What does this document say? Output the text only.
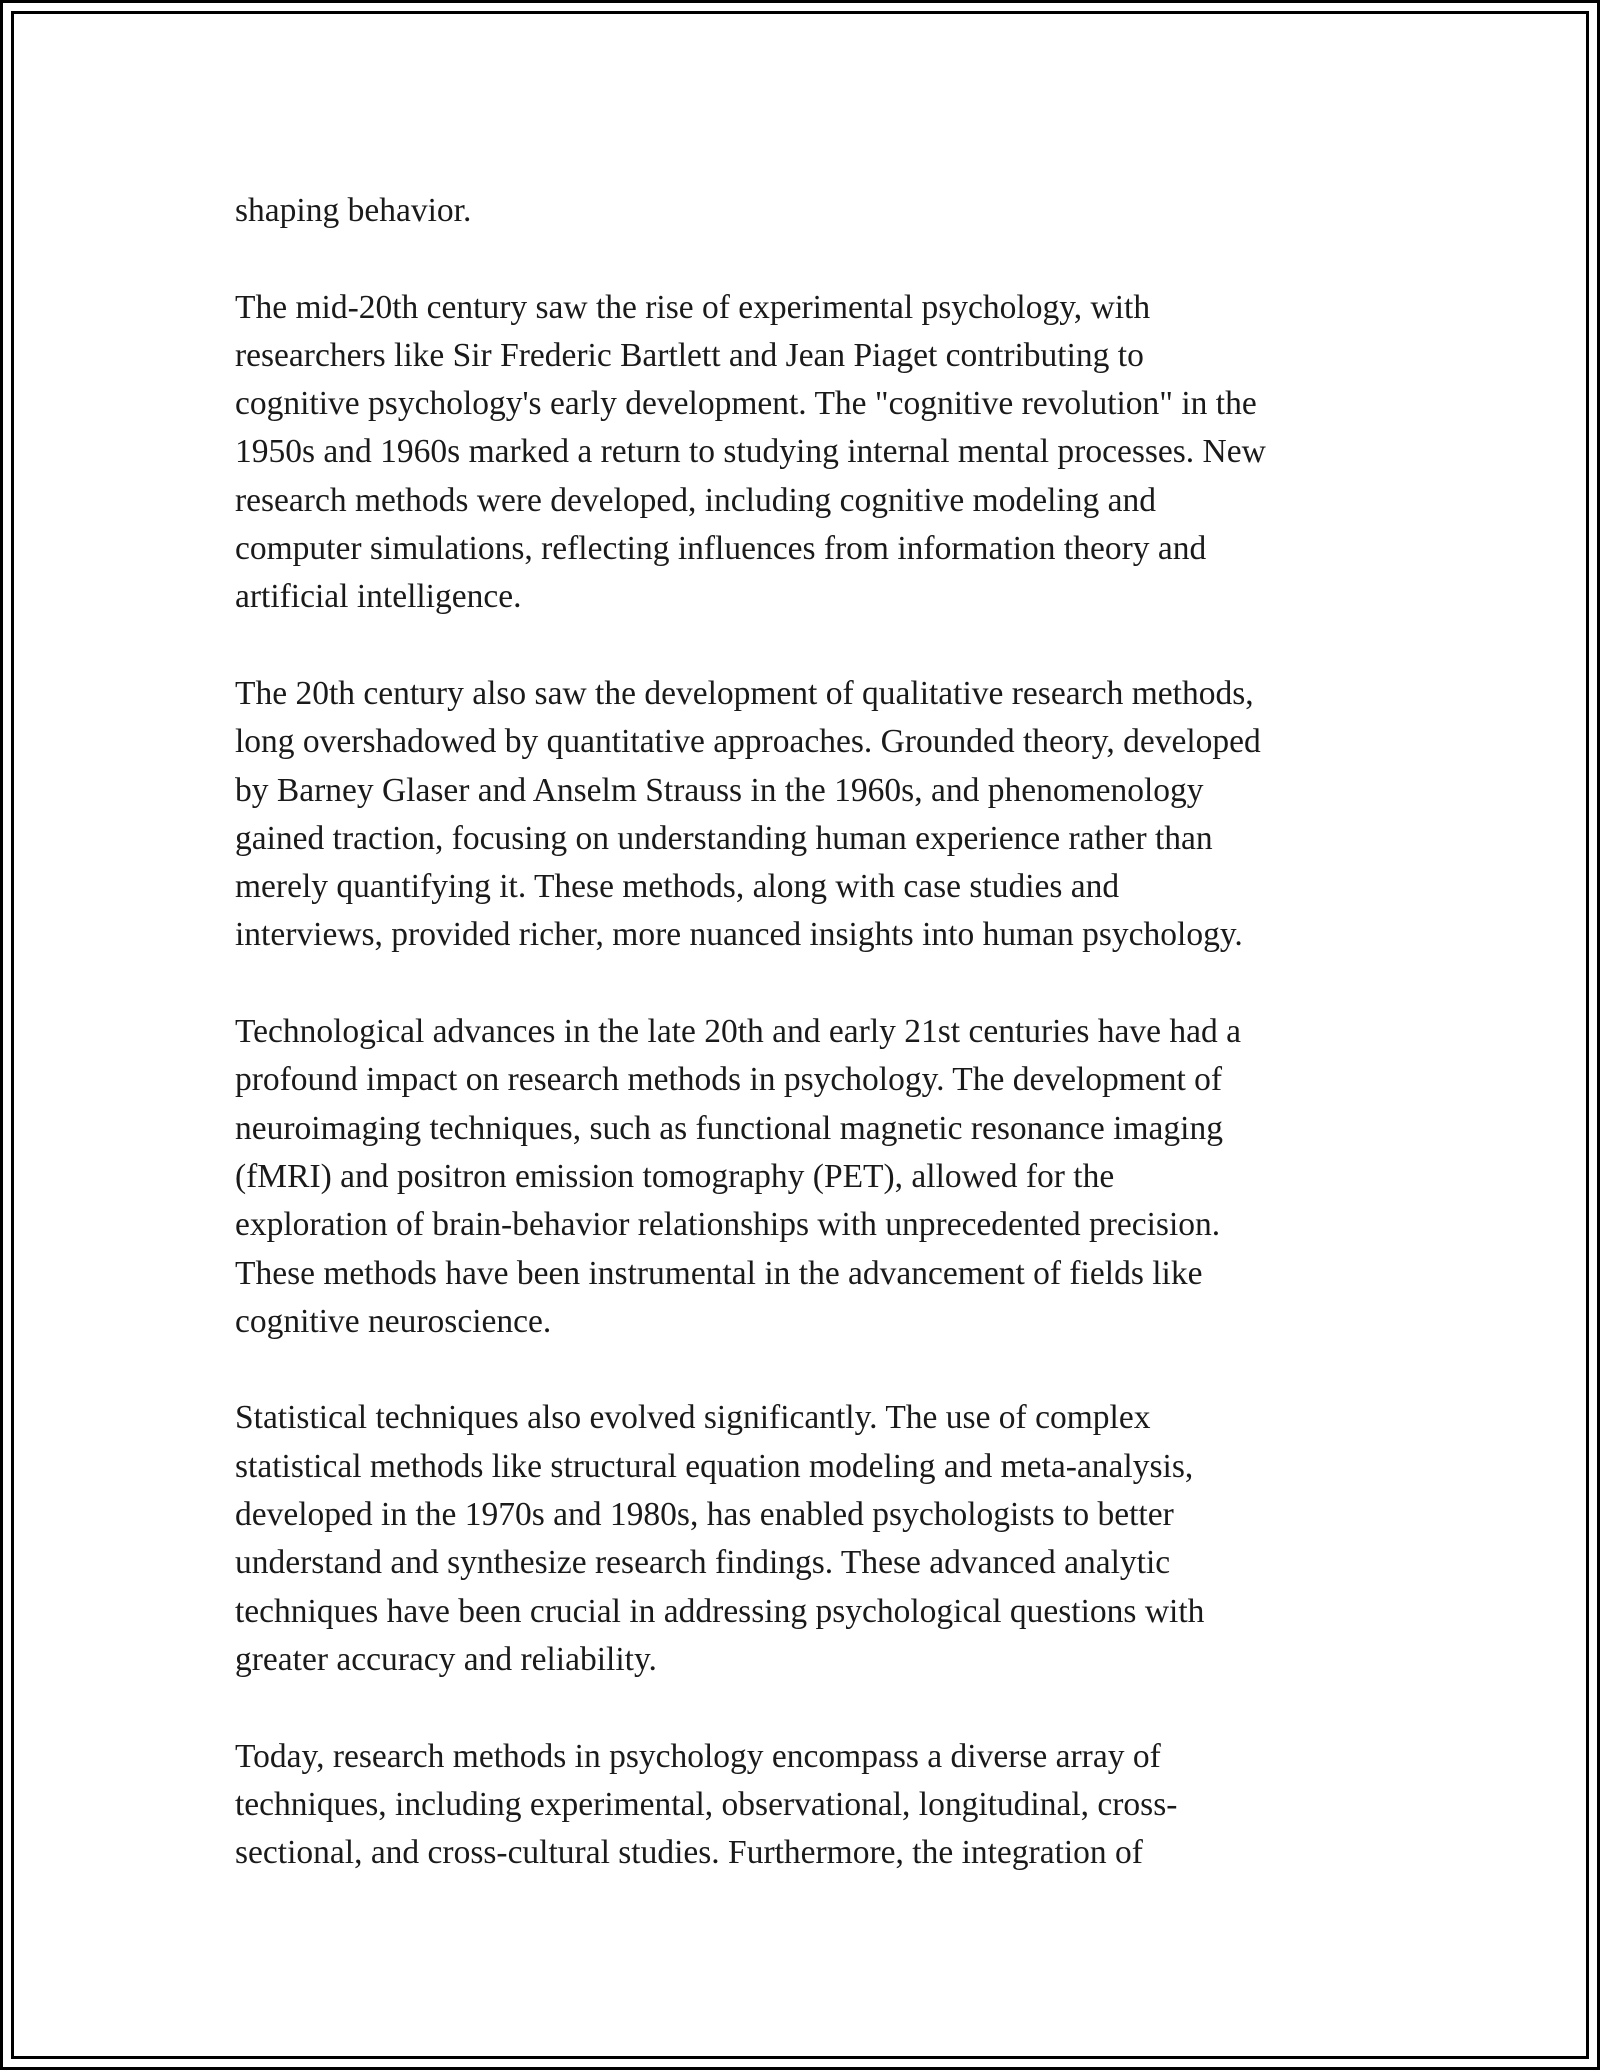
shaping behavior.

The mid-20th century saw the rise of experimental psychology, with
researchers like Sir Frederic Bartlett and Jean Piaget contributing to
cognitive psychology's early development. The "cognitive revolution" in the
1950s and 1960s marked a return to studying internal mental processes. New
research methods were developed, including cognitive modeling and
computer simulations, reflecting influences from information theory and
artificial intelligence.

The 20th century also saw the development of qualitative research methods,
long overshadowed by quantitative approaches. Grounded theory, developed
by Barney Glaser and Anselm Strauss in the 1960s, and phenomenology
gained traction, focusing on understanding human experience rather than
merely quantifying it. These methods, along with case studies and
interviews, provided richer, more nuanced insights into human psychology.

Technological advances in the late 20th and early 21st centuries have had a
profound impact on research methods in psychology. The development of
neuroimaging techniques, such as functional magnetic resonance imaging
(fMRI) and positron emission tomography (PET), allowed for the
exploration of brain-behavior relationships with unprecedented precision.
These methods have been instrumental in the advancement of fields like
cognitive neuroscience.

Statistical techniques also evolved significantly. The use of complex
statistical methods like structural equation modeling and meta-analysis,
developed in the 1970s and 1980s, has enabled psychologists to better
understand and synthesize research findings. These advanced analytic
techniques have been crucial in addressing psychological questions with
greater accuracy and reliability.

Today, research methods in psychology encompass a diverse array of
techniques, including experimental, observational, longitudinal, cross-
sectional, and cross-cultural studies. Furthermore, the integration of
